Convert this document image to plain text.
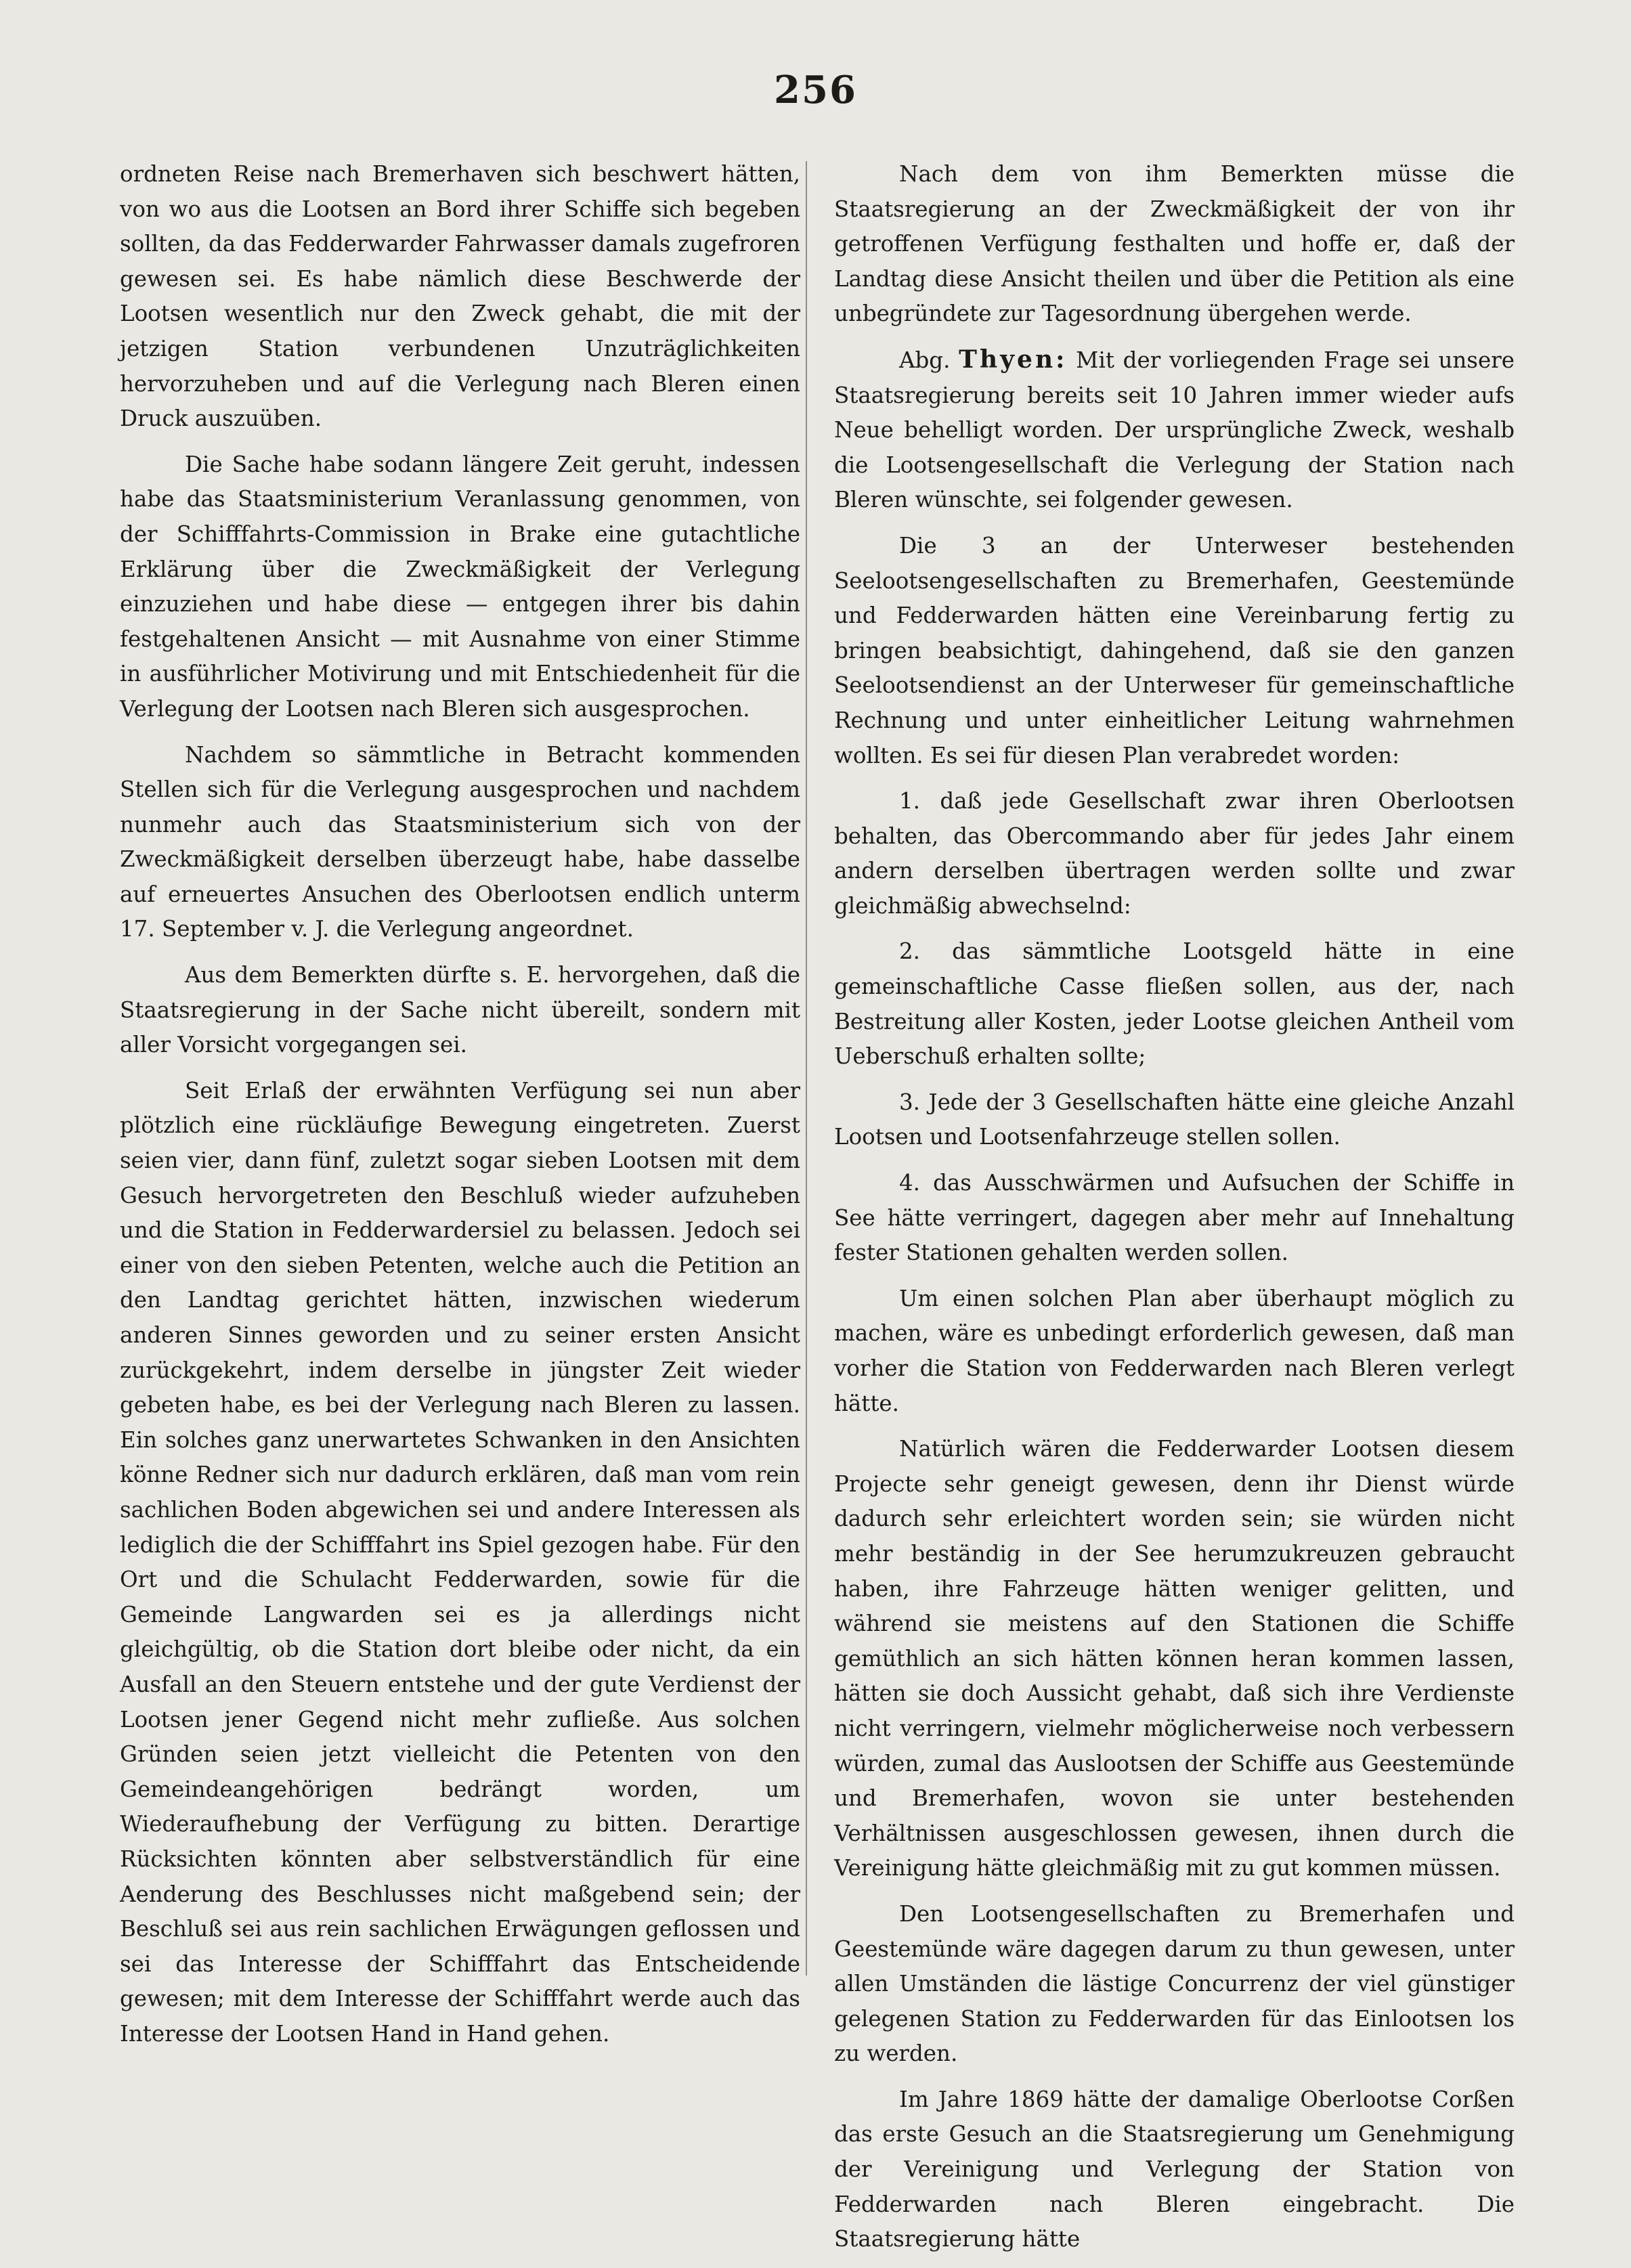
256

ordneten Reise nach Bremerhaven sich beschwert hätten, von wo aus die Lootsen an Bord ihrer Schiffe sich begeben sollten, da das Fedderwarder Fahrwasser damals zugefroren gewesen sei. Es habe nämlich diese Beschwerde der Lootsen wesentlich nur den Zweck gehabt, die mit der jetzigen Station verbundenen Unzuträglichkeiten hervorzuheben und auf die Verlegung nach Bleren einen Druck auszuüben.

Die Sache habe sodann längere Zeit geruht, indessen habe das Staatsministerium Veranlassung genommen, von der Schifffahrts-Commission in Brake eine gutachtliche Erklärung über die Zweckmäßigkeit der Verlegung einzuziehen und habe diese — entgegen ihrer bis dahin festgehaltenen Ansicht — mit Ausnahme von einer Stimme in ausführlicher Motivirung und mit Entschiedenheit für die Verlegung der Lootsen nach Bleren sich ausgesprochen.

Nachdem so sämmtliche in Betracht kommenden Stellen sich für die Verlegung ausgesprochen und nachdem nunmehr auch das Staatsministerium sich von der Zweckmäßigkeit derselben überzeugt habe, habe dasselbe auf erneuertes Ansuchen des Oberlootsen endlich unterm 17. September v. J. die Verlegung angeordnet.

Aus dem Bemerkten dürfte s. E. hervorgehen, daß die Staatsregierung in der Sache nicht übereilt, sondern mit aller Vorsicht vorgegangen sei.

Seit Erlaß der erwähnten Verfügung sei nun aber plötzlich eine rückläufige Bewegung eingetreten. Zuerst seien vier, dann fünf, zuletzt sogar sieben Lootsen mit dem Gesuch hervorgetreten den Beschluß wieder aufzuheben und die Station in Fedderwardersiel zu belassen. Jedoch sei einer von den sieben Petenten, welche auch die Petition an den Landtag gerichtet hätten, inzwischen wiederum anderen Sinnes geworden und zu seiner ersten Ansicht zurückgekehrt, indem derselbe in jüngster Zeit wieder gebeten habe, es bei der Verlegung nach Bleren zu lassen. Ein solches ganz unerwartetes Schwanken in den Ansichten könne Redner sich nur dadurch erklären, daß man vom rein sachlichen Boden abgewichen sei und andere Interessen als lediglich die der Schifffahrt ins Spiel gezogen habe. Für den Ort und die Schulacht Fedderwarden, sowie für die Gemeinde Langwarden sei es ja allerdings nicht gleichgültig, ob die Station dort bleibe oder nicht, da ein Ausfall an den Steuern entstehe und der gute Verdienst der Lootsen jener Gegend nicht mehr zufließe. Aus solchen Gründen seien jetzt vielleicht die Petenten von den Gemeindeangehörigen bedrängt worden, um Wiederaufhebung der Verfügung zu bitten. Derartige Rücksichten könnten aber selbstverständlich für eine Aenderung des Beschlusses nicht maßgebend sein; der Beschluß sei aus rein sachlichen Erwägungen geflossen und sei das Interesse der Schifffahrt das Entscheidende gewesen; mit dem Interesse der Schifffahrt werde auch das Interesse der Lootsen Hand in Hand gehen.

Nach dem von ihm Bemerkten müsse die Staatsregierung an der Zweckmäßigkeit der von ihr getroffenen Verfügung festhalten und hoffe er, daß der Landtag diese Ansicht theilen und über die Petition als eine unbegründete zur Tagesordnung übergehen werde.

Abg. Thyen: Mit der vorliegenden Frage sei unsere Staatsregierung bereits seit 10 Jahren immer wieder aufs Neue behelligt worden. Der ursprüngliche Zweck, weshalb die Lootsengesellschaft die Verlegung der Station nach Bleren wünschte, sei folgender gewesen.

Die 3 an der Unterweser bestehenden Seelootsengesellschaften zu Bremerhafen, Geestemünde und Fedderwarden hätten eine Vereinbarung fertig zu bringen beabsichtigt, dahingehend, daß sie den ganzen Seelootsendienst an der Unterweser für gemeinschaftliche Rechnung und unter einheitlicher Leitung wahrnehmen wollten. Es sei für diesen Plan verabredet worden:

1. daß jede Gesellschaft zwar ihren Oberlootsen behalten, das Obercommando aber für jedes Jahr einem andern derselben übertragen werden sollte und zwar gleichmäßig abwechselnd:

2. das sämmtliche Lootsgeld hätte in eine gemeinschaftliche Casse fließen sollen, aus der, nach Bestreitung aller Kosten, jeder Lootse gleichen Antheil vom Ueberschuß erhalten sollte;

3. Jede der 3 Gesellschaften hätte eine gleiche Anzahl Lootsen und Lootsenfahrzeuge stellen sollen.

4. das Ausschwärmen und Aufsuchen der Schiffe in See hätte verringert, dagegen aber mehr auf Innehaltung fester Stationen gehalten werden sollen.

Um einen solchen Plan aber überhaupt möglich zu machen, wäre es unbedingt erforderlich gewesen, daß man vorher die Station von Fedderwarden nach Bleren verlegt hätte.

Natürlich wären die Fedderwarder Lootsen diesem Projecte sehr geneigt gewesen, denn ihr Dienst würde dadurch sehr erleichtert worden sein; sie würden nicht mehr beständig in der See herumzukreuzen gebraucht haben, ihre Fahrzeuge hätten weniger gelitten, und während sie meistens auf den Stationen die Schiffe gemüthlich an sich hätten können heran kommen lassen, hätten sie doch Aussicht gehabt, daß sich ihre Verdienste nicht verringern, vielmehr möglicherweise noch verbessern würden, zumal das Auslootsen der Schiffe aus Geestemünde und Bremerhafen, wovon sie unter bestehenden Verhältnissen ausgeschlossen gewesen, ihnen durch die Vereinigung hätte gleichmäßig mit zu gut kommen müssen.

Den Lootsengesellschaften zu Bremerhafen und Geestemünde wäre dagegen darum zu thun gewesen, unter allen Umständen die lästige Concurrenz der viel günstiger gelegenen Station zu Fedderwarden für das Einlootsen los zu werden.

Im Jahre 1869 hätte der damalige Oberlootse Corßen das erste Gesuch an die Staatsregierung um Genehmigung der Vereinigung und Verlegung der Station von Fedderwarden nach Bleren eingebracht. Die Staatsregierung hätte
